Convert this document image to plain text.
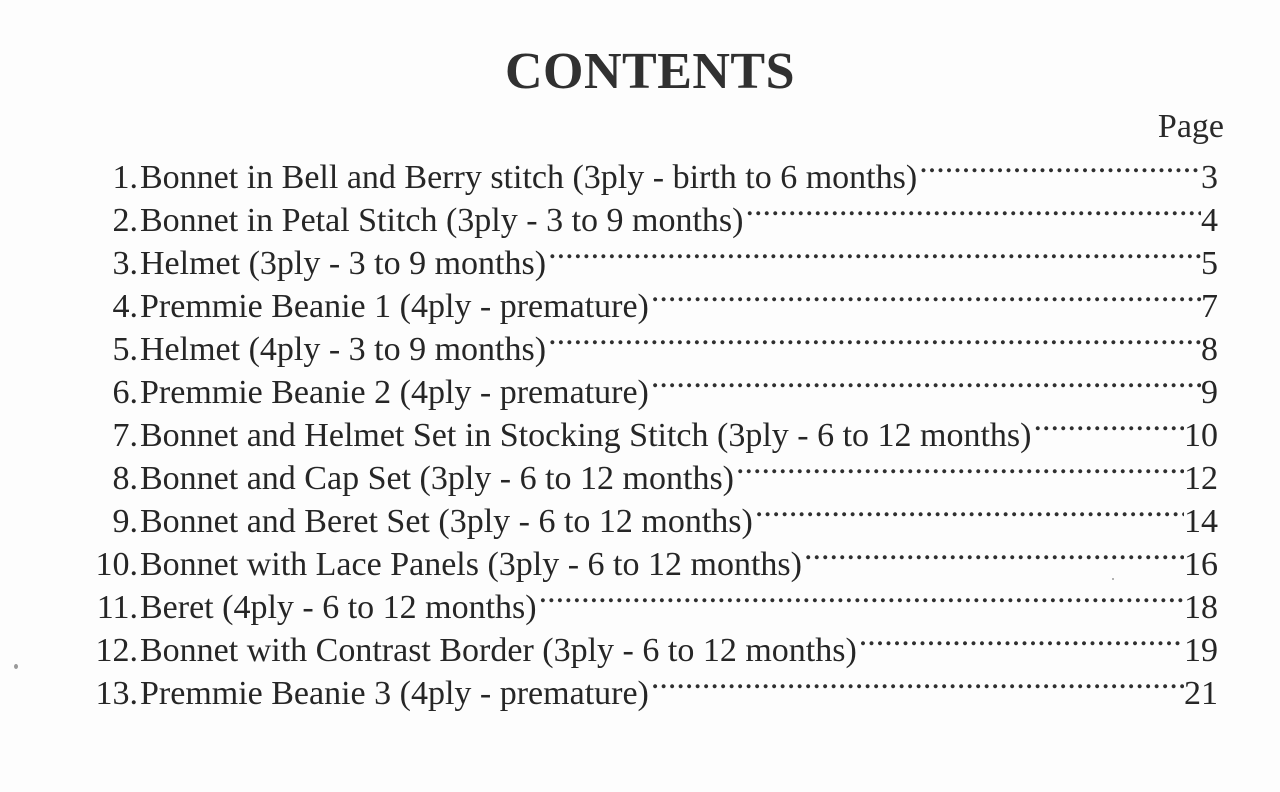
CONTENTS
Page
1. Bonnet in Bell and Berry stitch (3ply - birth to 6 months) .....	3
2. Bonnet in Petal Stitch (3ply - 3 to 9 months) .....	4
3. Helmet (3ply - 3 to 9 months) .....	5
4. Premmie Beanie 1 (4ply - premature) .....	7
5. Helmet (4ply - 3 to 9 months) .....	8
6. Premmie Beanie 2 (4ply - premature) .....	9
7. Bonnet and Helmet Set in Stocking Stitch (3ply - 6 to 12 months) .....	10
8. Bonnet and Cap Set (3ply - 6 to 12 months) .....	12
9. Bonnet and Beret Set (3ply - 6 to 12 months) .....	14
10. Bonnet with Lace Panels (3ply - 6 to 12 months) .....	16
11. Beret (4ply - 6 to 12 months) .....	18
12. Bonnet with Contrast Border (3ply - 6 to 12 months) .....	19
13. Premmie Beanie 3 (4ply - premature) .....	21
